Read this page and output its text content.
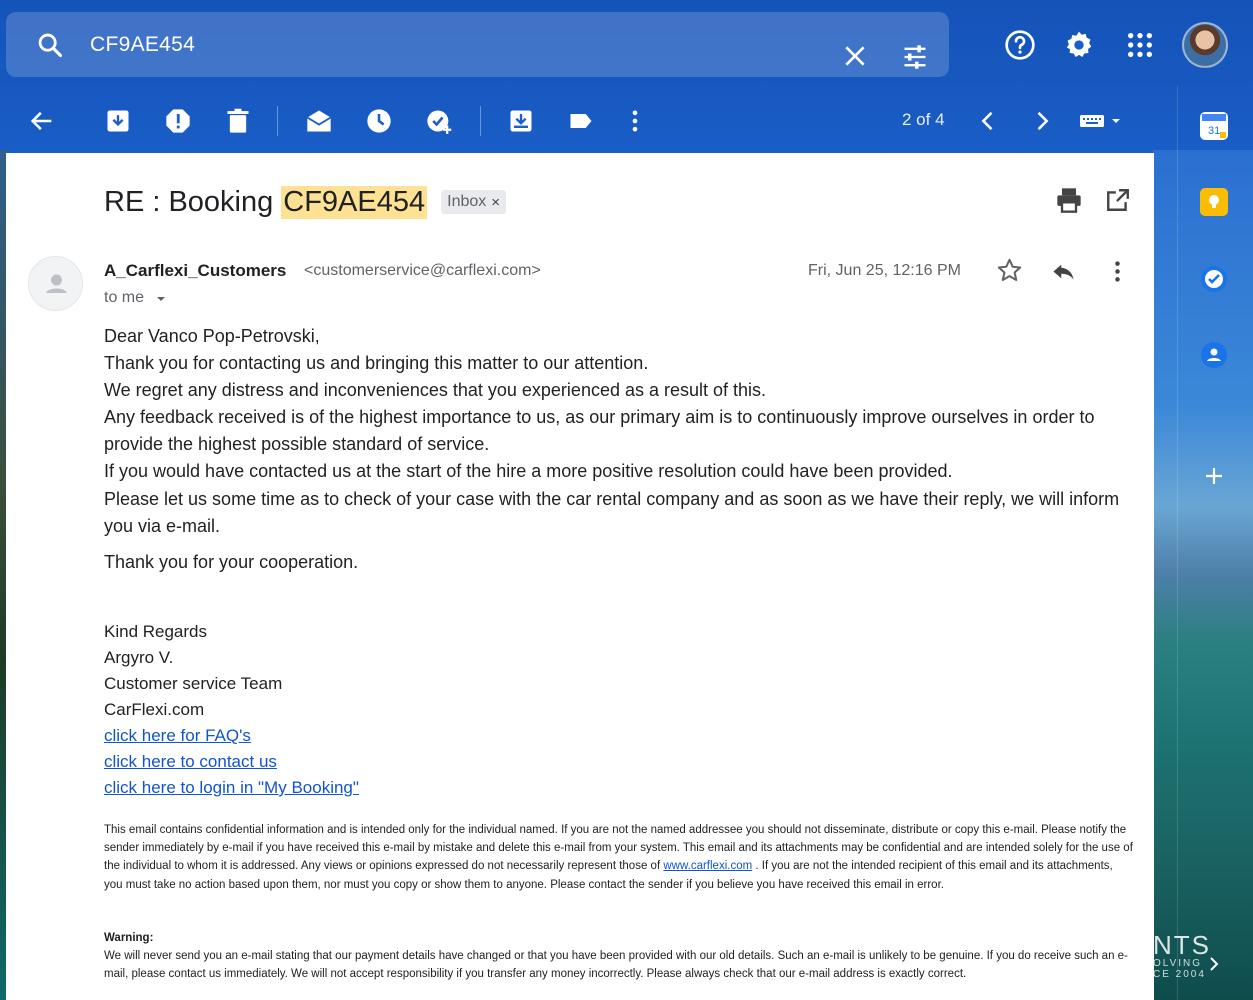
CF9AE454
2 of 4
31
RE : Booking CF9AE454 Inbox ×
A_Carflexi_Customers <customerservice@carflexi.com>
to me
Fri, Jun 25, 12:16 PM
Dear Vanco Pop-Petrovski,
Thank you for contacting us and bringing this matter to our attention.
We regret any distress and inconveniences that you experienced as a result of this.
Any feedback received is of the highest importance to us, as our primary aim is to continuously improve ourselves in order to
provide the highest possible standard of service.
If you would have contacted us at the start of the hire a more positive resolution could have been provided.
Please let us some time as to check of your case with the car rental company and as soon as we have their reply, we will inform
you via e-mail.
Thank you for your cooperation.
Kind Regards
Argyro V.
Customer service Team
CarFlexi.com
click here for FAQ's
click here to contact us
click here to login in "My Booking"
This email contains confidential information and is intended only for the individual named. If you are not the named addressee you should not disseminate, distribute or copy this e-mail. Please notify the sender immediately by e-mail if you have received this e-mail by mistake and delete this e-mail from your system. This email and its attachments may be confidential and are intended solely for the use of the individual to whom it is addressed. Any views or opinions expressed do not necessarily represent those of www.carflexi.com . If you are not the intended recipient of this email and its attachments, you must take no action based upon them, nor must you copy or show them to anyone. Please contact the sender if you believe you have received this email in error.
Warning:
We will never send you an e-mail stating that our payment details have changed or that you have been provided with our old details. Such an e-mail is unlikely to be genuine. If you do receive such an e-mail, please contact us immediately. We will not accept responsibility if you transfer any money incorrectly. Please always check that our e-mail address is exactly correct.
NTS
OLVING
CE 2004
